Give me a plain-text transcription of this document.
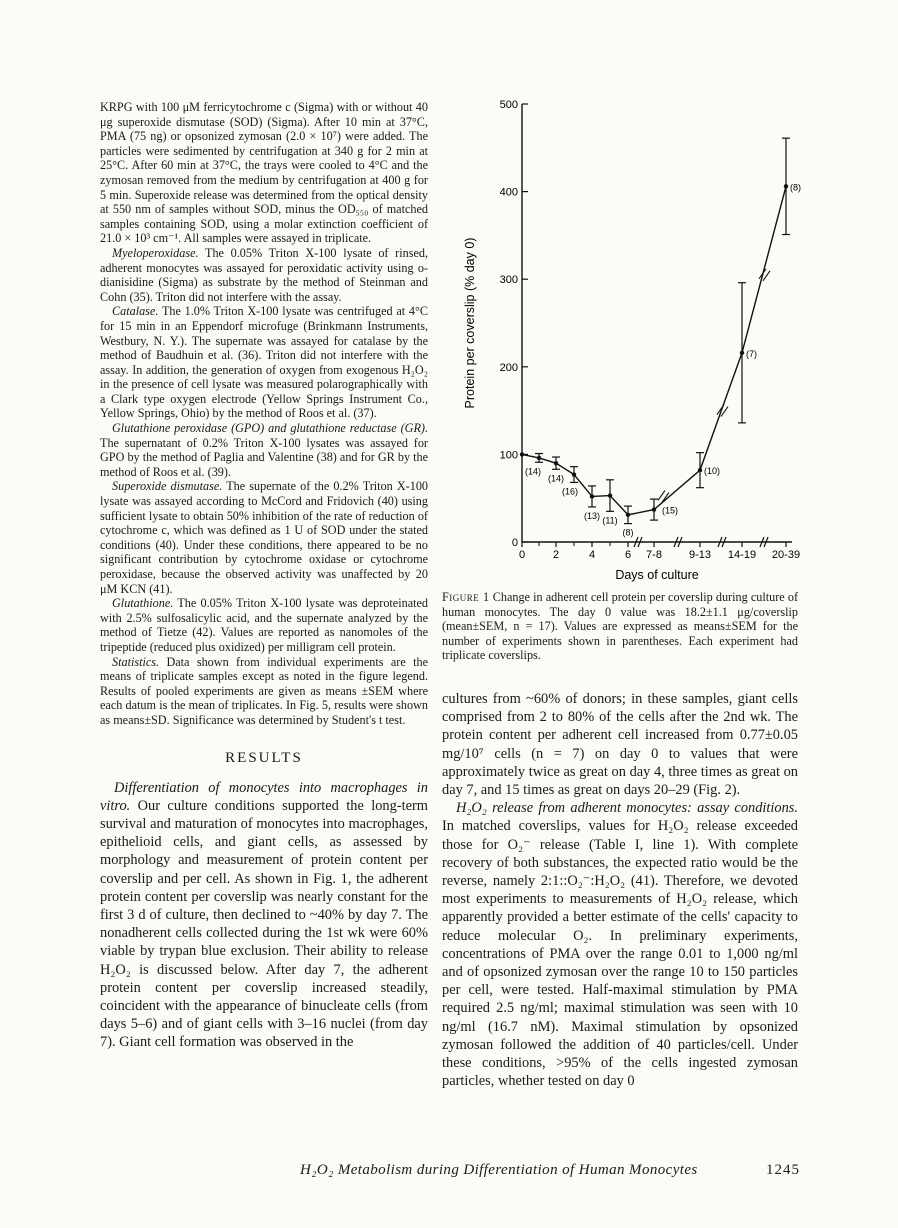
KRPG with 100 μM ferricytochrome c (Sigma) with or without 40 μg superoxide dismutase (SOD) (Sigma). After 10 min at 37°C, PMA (75 ng) or opsonized zymosan (2.0 × 10⁷) were added. The particles were sedimented by centrifugation at 340 g for 2 min at 25°C. After 60 min at 37°C, the trays were cooled to 4°C and the zymosan removed from the medium by centrifugation at 400 g for 5 min. Superoxide release was determined from the optical density at 550 nm of samples without SOD, minus the OD₅₅₀ of matched samples containing SOD, using a molar extinction coefficient of 21.0 × 10³ cm⁻¹. All samples were assayed in triplicate.

Myeloperoxidase. The 0.05% Triton X-100 lysate of rinsed, adherent monocytes was assayed for peroxidatic activity using o-dianisidine (Sigma) as substrate by the method of Steinman and Cohn (35). Triton did not interfere with the assay.

Catalase. The 1.0% Triton X-100 lysate was centrifuged at 4°C for 15 min in an Eppendorf microfuge (Brinkmann Instruments, Westbury, N. Y.). The supernate was assayed for catalase by the method of Baudhuin et al. (36). Triton did not interfere with the assay. In addition, the generation of oxygen from exogenous H₂O₂ in the presence of cell lysate was measured polarographically with a Clark type oxygen electrode (Yellow Springs Instrument Co., Yellow Springs, Ohio) by the method of Roos et al. (37).

Glutathione peroxidase (GPO) and glutathione reductase (GR). The supernatant of 0.2% Triton X-100 lysates was assayed for GPO by the method of Paglia and Valentine (38) and for GR by the method of Roos et al. (39).

Superoxide dismutase. The supernate of the 0.2% Triton X-100 lysate was assayed according to McCord and Fridovich (40) using sufficient lysate to obtain 50% inhibition of the rate of reduction of cytochrome c, which was defined as 1 U of SOD under the stated conditions (40). Under these conditions, there appeared to be no significant contribution by cytochrome oxidase or cytochrome peroxidase, because the observed activity was unaffected by 20 μM KCN (41).

Glutathione. The 0.05% Triton X-100 lysate was deproteinated with 2.5% sulfosalicylic acid, and the supernate analyzed by the method of Tietze (42). Values are reported as nanomoles of the tripeptide (reduced plus oxidized) per milligram cell protein.

Statistics. Data shown from individual experiments are the means of triplicate samples except as noted in the figure legend. Results of pooled experiments are given as means ±SEM where each datum is the mean of triplicates. In Fig. 5, results were shown as means±SD. Significance was determined by Student's t test.

RESULTS

Differentiation of monocytes into macrophages in vitro. Our culture conditions supported the long-term survival and maturation of monocytes into macrophages, epithelioid cells, and giant cells, as assessed by morphology and measurement of protein content per coverslip and per cell. As shown in Fig. 1, the adherent protein content per coverslip was nearly constant for the first 3 d of culture, then declined to ~40% by day 7. The nonadherent cells collected during the 1st wk were 60% viable by trypan blue exclusion. Their ability to release H₂O₂ is discussed below. After day 7, the adherent protein content per coverslip increased steadily, coincident with the appearance of binucleate cells (from days 5–6) and of giant cells with 3–16 nuclei (from day 7). Giant cell formation was observed in the

0
100
200
300
400
500
0	2	4	6 7-8 9-13 14-19 20-39
Days of culture
Protein per coverslip (% day 0)
(14)
(14)
(16)
(13) (11)
(8)
(15)
(10)
(7)
(8)
Figure 1 Change in adherent cell protein per coverslip during culture of human monocytes. The day 0 value was 18.2±1.1 μg/coverslip (mean±SEM, n = 17). Values are expressed as means±SEM for the number of experiments shown in parentheses. Each experiment had triplicate coverslips.

cultures from ~60% of donors; in these samples, giant cells comprised from 2 to 80% of the cells after the 2nd wk. The protein content per adherent cell increased from 0.77±0.05 mg/10⁷ cells (n = 7) on day 0 to values that were approximately twice as great on day 4, three times as great on day 7, and 15 times as great on days 20–29 (Fig. 2).

H₂O₂ release from adherent monocytes: assay conditions. In matched coverslips, values for H₂O₂ release exceeded those for O₂⁻ release (Table I, line 1). With complete recovery of both substances, the expected ratio would be the reverse, namely 2:1::O₂⁻:H₂O₂ (41). Therefore, we devoted most experiments to measurements of H₂O₂ release, which apparently provided a better estimate of the cells' capacity to reduce molecular O₂. In preliminary experiments, concentrations of PMA over the range 0.01 to 1,000 ng/ml and of opsonized zymosan over the range 10 to 150 particles per cell, were tested. Half-maximal stimulation by PMA required 2.5 ng/ml; maximal stimulation was seen with 10 ng/ml (16.7 nM). Maximal stimulation by opsonized zymosan followed the addition of 40 particles/cell. Under these conditions, >95% of the cells ingested zymosan particles, whether tested on day 0

H₂O₂ Metabolism during Differentiation of Human Monocytes	1245
